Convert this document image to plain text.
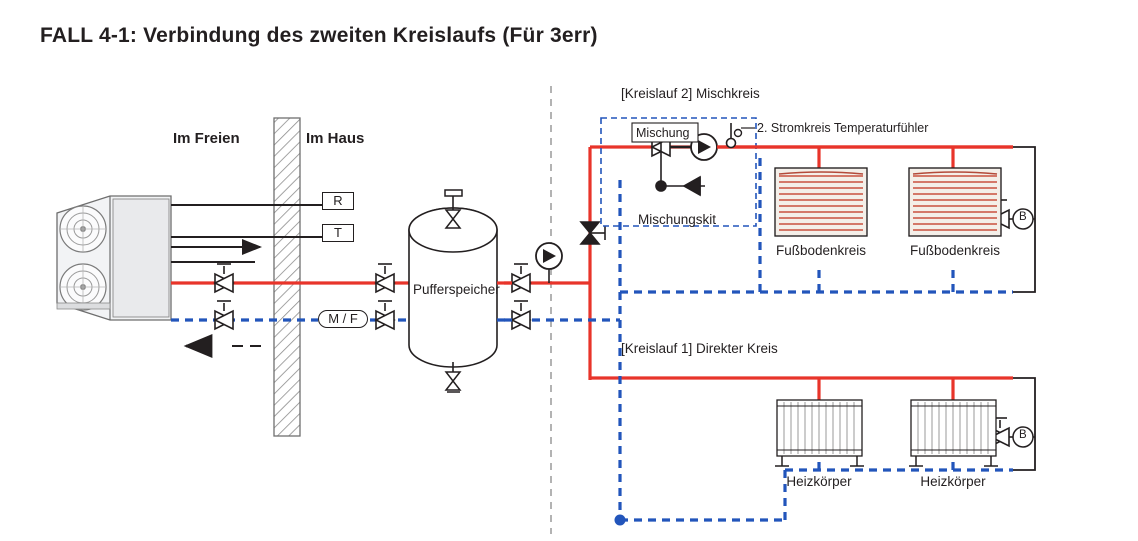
FALL 4-1: Verbindung des zweiten Kreislaufs (Für 3err)
Im Freien	Im Haus
R
T
M / F
Pufferspeicher
[Kreislauf 2] Mischkreis
Mischung
Mischungskit
2. Stromkreis Temperaturfühler
Fußbodenkreis	Fußbodenkreis
[Kreislauf 1] Direkter Kreis
Heizkörper	Heizkörper
B
B
